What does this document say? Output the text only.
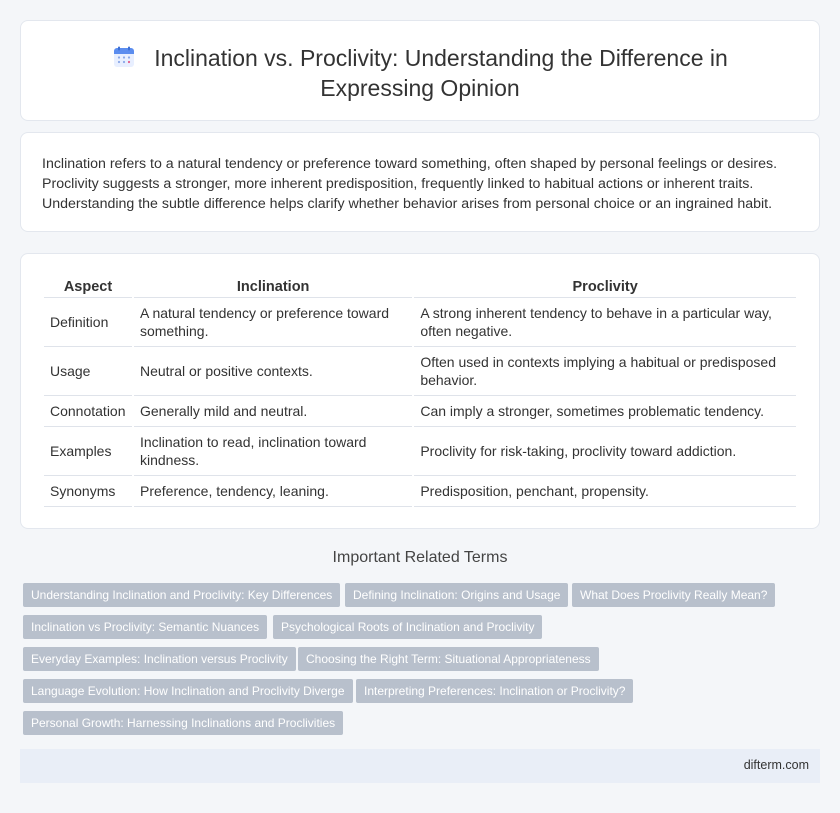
Inclination vs. Proclivity: Understanding the Difference in
Expressing Opinion

Inclination refers to a natural tendency or preference toward something, often shaped by personal feelings or desires. Proclivity suggests a stronger, more inherent predisposition, frequently linked to habitual actions or inherent traits. Understanding the subtle difference helps clarify whether behavior arises from personal choice or an ingrained habit.

Aspect	Inclination	Proclivity
Definition	A natural tendency or preference toward something.	A strong inherent tendency to behave in a particular way, often negative.
Usage	Neutral or positive contexts.	Often used in contexts implying a habitual or predisposed behavior.
Connotation	Generally mild and neutral.	Can imply a stronger, sometimes problematic tendency.
Examples	Inclination to read, inclination toward kindness.	Proclivity for risk-taking, proclivity toward addiction.
Synonyms	Preference, tendency, leaning.	Predisposition, penchant, propensity.
Important Related Terms
Understanding Inclination and Proclivity: Key Differences	Defining Inclination: Origins and Usage	What Does Proclivity Really Mean?
Inclination vs Proclivity: Semantic Nuances	Psychological Roots of Inclination and Proclivity
Everyday Examples: Inclination versus Proclivity	Choosing the Right Term: Situational Appropriateness
Language Evolution: How Inclination and Proclivity Diverge	Interpreting Preferences: Inclination or Proclivity?
Personal Growth: Harnessing Inclinations and Proclivities
difterm.com
